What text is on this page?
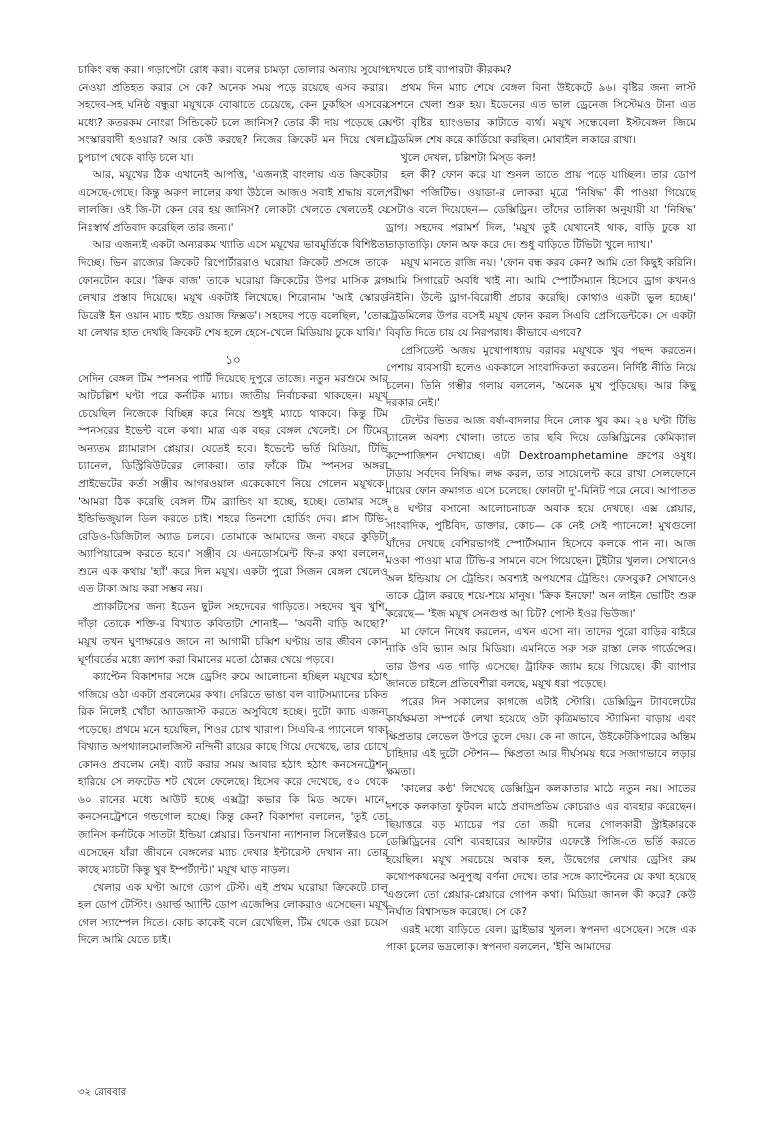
চাকিং বন্ধ করা। গড়াপেটা রোধ করা। বলের চামড়া তোলার অন্যায় সুযোগ নেওয়া প্রতিহত করার সে কে? অনেক সময় পড়ে রয়েছে এসব করার। সহদেব-সহ ঘনিষ্ঠ বন্ধুরা ময়ূখকে বোঝাতে চেয়েছে, কেন ঢুকছিস এসবের মধ্যে? কতরকম নোংরা সিন্ডিকেট চলে জানিস? তোর কী দায় পড়েছে রে সংস্কারবাদী হওয়ার? আর কেউ করছে? নিজের ক্রিকেট মন দিয়ে খেল। চুপচাপ থেকে বাড়ি চলে যা।

আর, ময়ূখের ঠিক এখানেই আপত্তি, 'এজন্যই বাংলায় এত ক্রিকেটার এসেছে-গেছে। কিন্তু অরুণ লালের কথা উঠলে আজও সবাই শ্রদ্ধায় বলে, লালজি। ওই জি-টা কেন বের হয় জানিস? লোকটা খেলতে খেলতেই যে নিঃস্বার্থ প্রতিবাদ করেছিল তার জন্য।'

আর এজন্যই একটা অন্যরকম খ্যাতি এসে ময়ূখের ভাবমূর্তিকে বিশিষ্টতা দিচ্ছে। ভিন রাজ্যের ক্রিকেট রিপোর্টাররাও ঘরোয়া ক্রিকেট প্রসঙ্গে তাকে ফোনটোন করে। 'ক্রিক বাজ' তাকে ঘরোয়া ক্রিকেটের উপর মাসিক ব্লগ লেখার প্রস্তাব দিয়েছে। ময়ূখ একটাই লিখেছে। শিরোনাম 'আই স্কোরড ডিরেক্ট ইন ওয়ান ম্যাচ হুইচ ওয়াজ ফিক্সড'। সহদেব পড়ে বলেছিল, 'তোর যা লেখার হাত দেখছি ক্রিকেট শেষ হলে হেসে-খেলে মিডিয়ায় ঢুকে যাবি।'

১০

সেদিন বেঙ্গল টিম স্পনসর পার্টি দিয়েছে দুপুরে তাজে। নতুন মরশুমে আর আটচল্লিশ ঘণ্টা পরে কর্নাটক ম্যাচ। জাতীয় নির্বাচকরা থাকছেন। ময়ূখ চেয়েছিল নিজেকে বিচ্ছিন্ন করে নিয়ে শুধুই ম্যাচে থাকবে। কিন্তু টিম স্পনসরের ইভেন্ট বলে কথা। মাত্র এক বছর বেঙ্গল খেলেই। সে টিমের অন্যতম গ্ল্যামারাস প্লেয়ার। যেতেই হবে। ইভেন্টে ভর্তি মিডিয়া, টিভি চ্যানেল, ডিস্ট্রিবিউটরের লোকরা। তার ফাঁকে টিম স্পনসর অঙ্গরা প্রাইভেটের কর্তা সঞ্জীব আগরওয়াল একেকোণে নিয়ে গেলেন ময়ূখকে। 'আমরা ঠিক করেছি বেঙ্গল টিম ব্র্যান্ডিং যা হচ্ছে, হচ্ছে। তোমার সঙ্গে ইন্ডিভিজুয়াল ডিল করতে চাই। শহরে তিনশো হোর্ডিং দেব। প্লাস টিভি-রেডিও-ডিজিটাল অ্যাড চলবে। তোমাকে আমাদের জন্য বছরে কুড়িটা অ্যাপিয়ারেন্স করতে হবে।' সঞ্জীব যে এনডোর্সমেন্ট ফি-র কথা বললেন, শুনে এক কথায় 'হ্যাঁ' করে দিল ময়ূখ। একটা পুরো সিজন বেঙ্গল খেলেও এত টাকা আয় করা সম্ভব নয়।

প্র্যাকটিসের জন্য ইডেন ছুটল সহদেবের গাড়িতে। সহদেব খুব খুশি, দাঁড়া তোকে শক্তি-র বিখ্যাত কবিতাটা শোনাই— 'অবনী বাড়ি আছো?' ময়ূখ তখন ঘুণাক্ষরেও জানে না আগামী চব্বিশ ঘণ্টায় তার জীবন কোন ঘূর্ণাবর্তের মধ্যে ক্র্যাশ করা বিমানের মতো ঠোক্কর খেয়ে পড়বে।

ক্যাপ্টেন বিকাশদার সঙ্গে ড্রেসিং রুমে আলোচনা হচ্ছিল ময়ূখের হঠাৎ গজিয়ে ওঠা একটা প্রবলেমের কথা। দেরিতে ভাঙা বল ব্যাটসম্যানের চকিত রিক নিলেই খোঁচা অ্যাডজাস্ট করতে অসুবিধে হচ্ছে। দুটো ক্যাচ এজন্য পড়েছে। প্রথমে মনে হয়েছিল, শিওর চোখ খারাপ। সিএবি-র প্যানেলে থাকা বিখ্যাত অপথ্যালমোলজিস্ট নন্দিনী রায়ের কাছে গিয়ে দেখেছে, তার চোখে কোনও প্রবলেম নেই। ব্যাট করার সময় আবার হঠাৎ হঠাৎ কনসেনট্রেশন হারিয়ে সে লফটেড শট খেলে ফেলেছে। হিসেব করে দেখেছে, ৫০ থেকে ৬০ রানের মধ্যে আউট হচ্ছে এক্সট্রা কভার কি মিড অফে। মানে, কনসেনট্রেশনে গন্ডগোল হচ্ছে। কিন্তু কেন? বিকাশদা বললেন, 'তুই তো জানিস কর্নাটকে সাতটা ইন্ডিয়া প্লেয়ার। তিনখানা ন্যাশনাল সিলেক্টরও চলে এসেছেন যাঁরা জীবনে বেঙ্গলের ম্যাচ দেখার ইন্টারেস্ট দেখান না। তোর কাছে ম্যাচটা কিন্তু খুব ইম্পর্ট্যান্ট।' ময়ূখ ঘাড় নাড়ল।

খেলার এক ঘণ্টা আগে ডোপ টেস্ট। এই প্রথম ঘরোয়া ক্রিকেটে চালু হল ডোপ টেস্টিং। ওয়ার্ল্ড অ্যান্টি ডোপ এজেন্সির লোকরাও এসেছেন। ময়ূখ গেল স্যাম্পেল দিতে। কোচ কাকেই বলে রেখেছিল, টিম থেকে ওরা চয়েস দিলে আমি যেতে চাই।

দেখতে চাই ব্যাপারটা কীরকম?

প্রথম দিন ম্যাচ শেষে বেঙ্গল বিনা উইকেটে ৯৬। বৃষ্টির জন্য লাস্ট সেশনে খেলা শুরু হয়। ইডেনের এত ভাল ড্রেনেজ সিস্টেমও টানা এত ঘণ্টা বৃষ্টির হ্যাংওভার কাটাতে ব্যর্থ। ময়ূখ সন্ধেবেলা ইস্টবেঙ্গল জিমে ট্রেডমিল শেষ করে কার্ডিয়ো করছিল। মোবাইল লকারে রাখা।

খুলে দেখল, চল্লিশটা মিস্‌ড কল!

হল কী? ফোন করে যা শুনল তাতে প্রায় পড়ে যাচ্ছিল। তার ডোপ পরীক্ষা পজিটিভ। ওয়াডা-র লোকরা মূত্রে 'নিষিদ্ধ' কী পাওয়া গিয়েছে সেটাও বলে দিয়েছেন— ডেক্সিড্রিন। তাঁদের তালিকা অনুযায়ী যা 'নিষিদ্ধ' ড্রাগ। সহদেব পরামর্শ দিল, 'ময়ূখ তুই যেখানেই থাক, বাড়ি ঢুকে যা তাড়াতাড়ি। ফোন অফ করে দে। শুধু বাড়িতে টিভিটা খুলে দ্যাখ।'

ময়ূখ মানতে রাজি নয়। 'ফোন বন্ধ করব কেন? আমি তো কিছুই করিনি। আমি সিগারেট অবধি খাই না। আমি স্পোর্টসম্যান হিসেবে ড্রাগ কখনও নিইনি। উল্টে ড্রাগ-বিরোধী প্রচার করেছি। কোথাও একটা ভুল হচ্ছে।' ট্রেডমিলের উপর বসেই ময়ূখ ফোন করল সিএবি প্রেসিডেন্টকে। সে একটা বিবৃতি দিতে চায় যে নিরপরাধ। কীভাবে এগবে?

প্রেসিডেন্ট অজয় মুখোপাধ্যায় বরাবর ময়ূখকে খুব পছন্দ করতেন। পেশায় ব্যবসায়ী হলেও এককালে সাংবাদিকতা করতেন। নির্দিষ্ট নীতি নিয়ে চলেন। তিনি গম্ভীর গলায় বললেন, 'অনেক মুখ পুড়িয়েছ। আর কিছু দরকার নেই।'

টেন্টের ভিতর আজ বর্ষা-বাদলার দিনে লোক খুব কম। ২৪ ঘণ্টা টিভি চ্যানেল অবশ্য খোলা। তাতে তার ছবি দিয়ে ডেক্সিড্রিনের কেমিক্যাল কম্পোজিশন দেখাচ্ছে। এটা Dextroamphetamine গ্রুপের ওষুধ। টাডায় সর্বদেব নিষিদ্ধ। লক্ষ করল, তার সায়েলেন্ট করে রাখা সেলফোনে মায়ের ফোন ক্রমাগত এসে চলেছে। ফোনটা দু'-মিনিট পরে নেবে। আপাতত ২৪ ঘণ্টার বসানো আলোচনাচক্র অবাক হয়ে দেখছে। এক্স প্লেয়ার, সাংবাদিক, পুষ্টিবিদ, ডাক্তার, কোচ— কে নেই সেই প্যানেলে! মুখগুলো যাঁদের দেখছে বেশিরভাগই স্পোর্টসম্যান হিসেবে কলকে পান না। আজ মওকা পাওয়া মাত্র টিভি-র সামনে বসে গিয়েছেন। টুইটার খুলল। সেখানেও অল ইন্ডিয়ায় সে ট্রেন্ডিং। অবশ্যই অপযশের ট্রেন্ডিং। ফেসবুক? সেখানেও তাকে ট্রোল করছে শয়ে-শয়ে মানুষ। 'ক্রিক ইনফো' অন লাইন ভোটিং শুরু করেছে— 'ইজ ময়ূখ সেনগুপ্ত আ চিট? পোস্ট ইওর ভিউজ।'

মা ফোনে নিষেধ করলেন, এখন এসো না। তাদের পুরো বাড়ির বাইরে নাকি ওবি ভ্যান আর মিডিয়া। এমনিতে সরু সরু রাস্তা লেক গার্ডেন্সের। তার উপর এত গাড়ি এসেছে। ট্রাফিক জ্যাম হয়ে গিয়েছে। কী ব্যাপার জানতে চাইলে প্রতিবেশীরা বলছে, ময়ূখ ধরা পড়েছে।

পরের দিন সকালের কাগজে এটাই স্টোরি। ডেক্সিড্রিন ট্যাবলেটের কার্যক্ষমতা সম্পর্কে লেখা হয়েছে ওটা কৃত্রিমভাবে স্ট্যামিনা বাড়ায় এবং ক্ষিপ্রতার লেভেল উপরে তুলে দেয়। কে না জানে, উইকেটকিপারের অন্তিম চাহিদার এই দুটো স্টেশন— ক্ষিপ্রতা আর দীর্ঘসময় ধরে সজাগভাবে লড়ার ক্ষমতা।

'কালের কণ্ঠ' লিখেছে ডেক্সিড্রিন কলকাতার মাঠে নতুন নয়। সাতের দশকে কলকাতা ফুটবল মাঠে প্রবাদপ্রতিম কোচরাও এর ব্যবহার করেছেন। ছিয়াত্তরে বড় ম্যাচের পর তো জয়ী দলের গোলকারী স্ট্রাইকারকে ডেক্সিড্রিনের বেশি ব্যবহারের আফটার এফেক্টে পিজি-তে ভর্তি করতে হয়েছিল। ময়ূখ সবচেয়ে অবাক হল, উদ্বেগের লেখার ড্রেসিং রুম কথোপকথনের অনুপুঙ্খ বর্ণনা দেখে। তার সঙ্গে ক্যাপ্টেনের যে কথা হয়েছে এগুলো তো প্লেয়ার-প্লেয়ারে গোপন কথা। মিডিয়া জানল কী করে? কেউ নির্ঘাত বিশ্বাসভঙ্গ করেছে। সে কে?

এরই মধ্যে বাড়িতে বেল। ড্রাইভার খুলল। স্বপনদা এসেছেন। সঙ্গে এক পাকা চুলের ভদ্রলোক। স্বপনদা বললেন, 'ইনি আমাদের

৩২ রোববার
